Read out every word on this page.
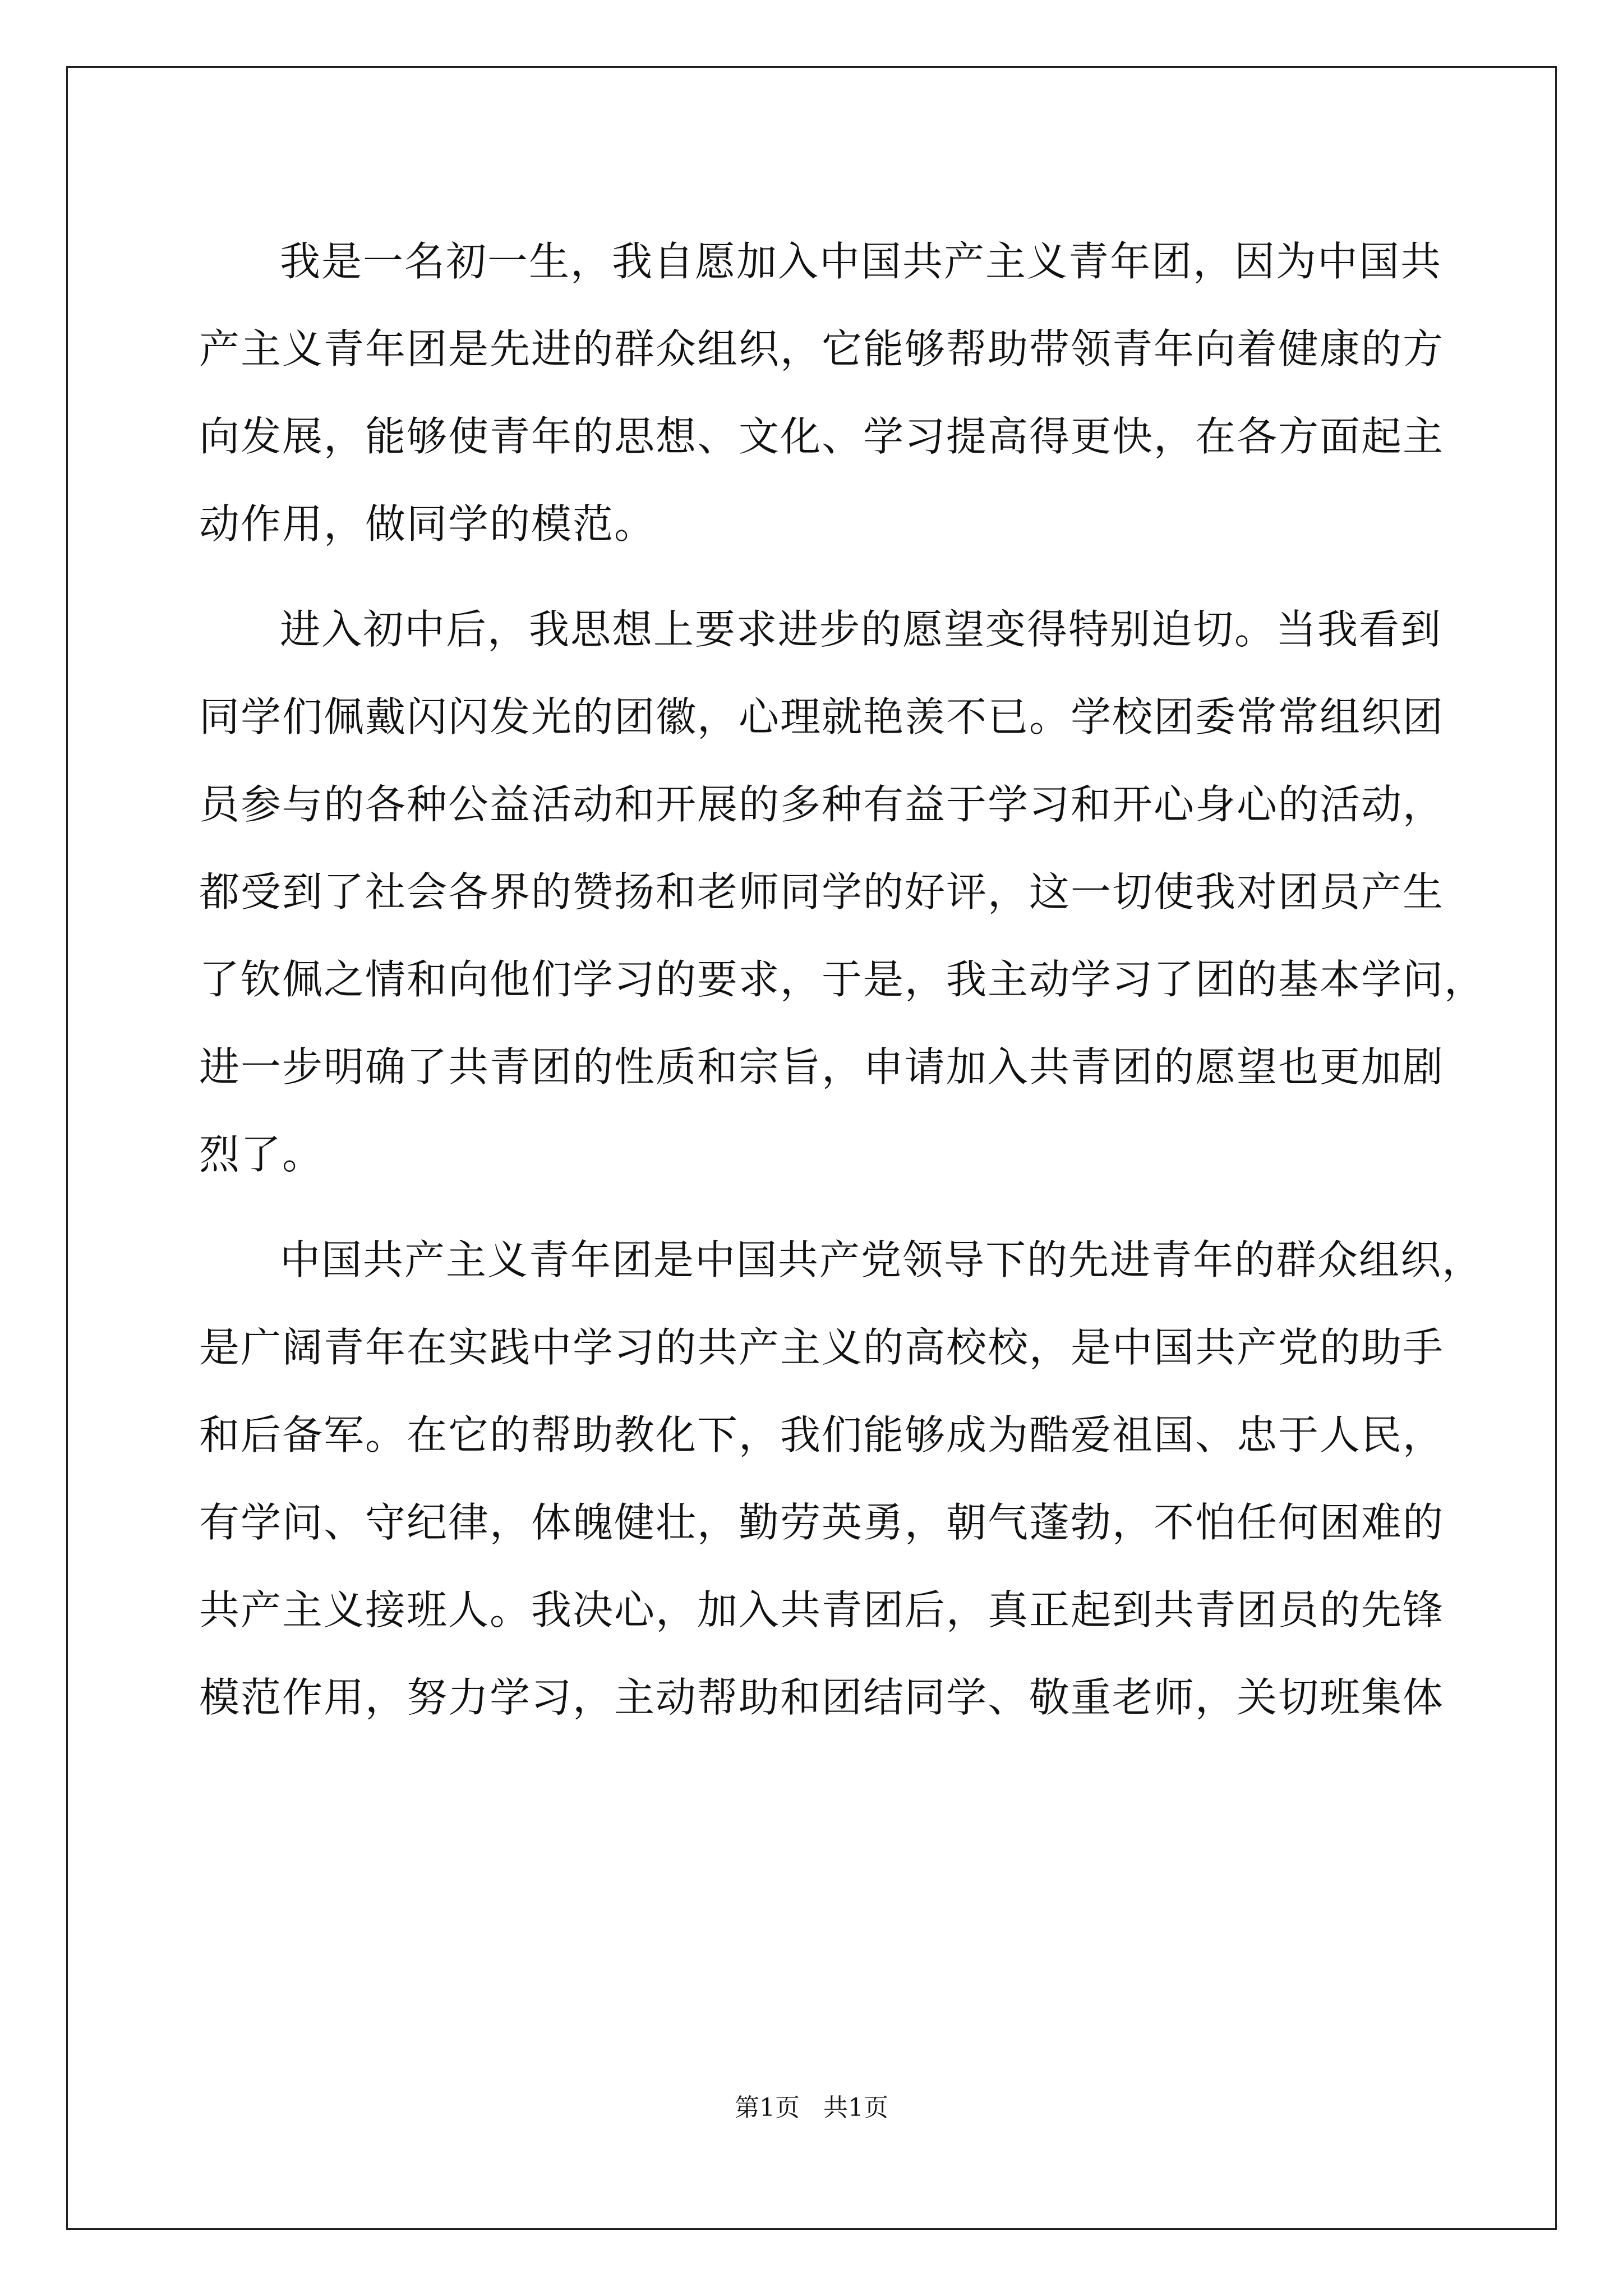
我是一名初一生，我自愿加入中国共产主义青年团，因为中国共
产主义青年团是先进的群众组织，它能够帮助带领青年向着健康的方
向发展，能够使青年的思想、文化、学习提高得更快，在各方面起主
动作用，做同学的模范。
进入初中后，我思想上要求进步的愿望变得特别迫切。当我看到
同学们佩戴闪闪发光的团徽，心理就艳羡不已。学校团委常常组织团
员参与的各种公益活动和开展的多种有益于学习和开心身心的活动，
都受到了社会各界的赞扬和老师同学的好评，这一切使我对团员产生
了钦佩之情和向他们学习的要求，于是，我主动学习了团的基本学问，
进一步明确了共青团的性质和宗旨，申请加入共青团的愿望也更加剧
烈了。
中国共产主义青年团是中国共产党领导下的先进青年的群众组织，
是广阔青年在实践中学习的共产主义的高校校，是中国共产党的助手
和后备军。在它的帮助教化下，我们能够成为酷爱祖国、忠于人民，
有学问、守纪律，体魄健壮，勤劳英勇，朝气蓬勃，不怕任何困难的
共产主义接班人。我决心，加入共青团后，真正起到共青团员的先锋
模范作用，努力学习，主动帮助和团结同学、敬重老师，关切班集体
第1页   共1页
